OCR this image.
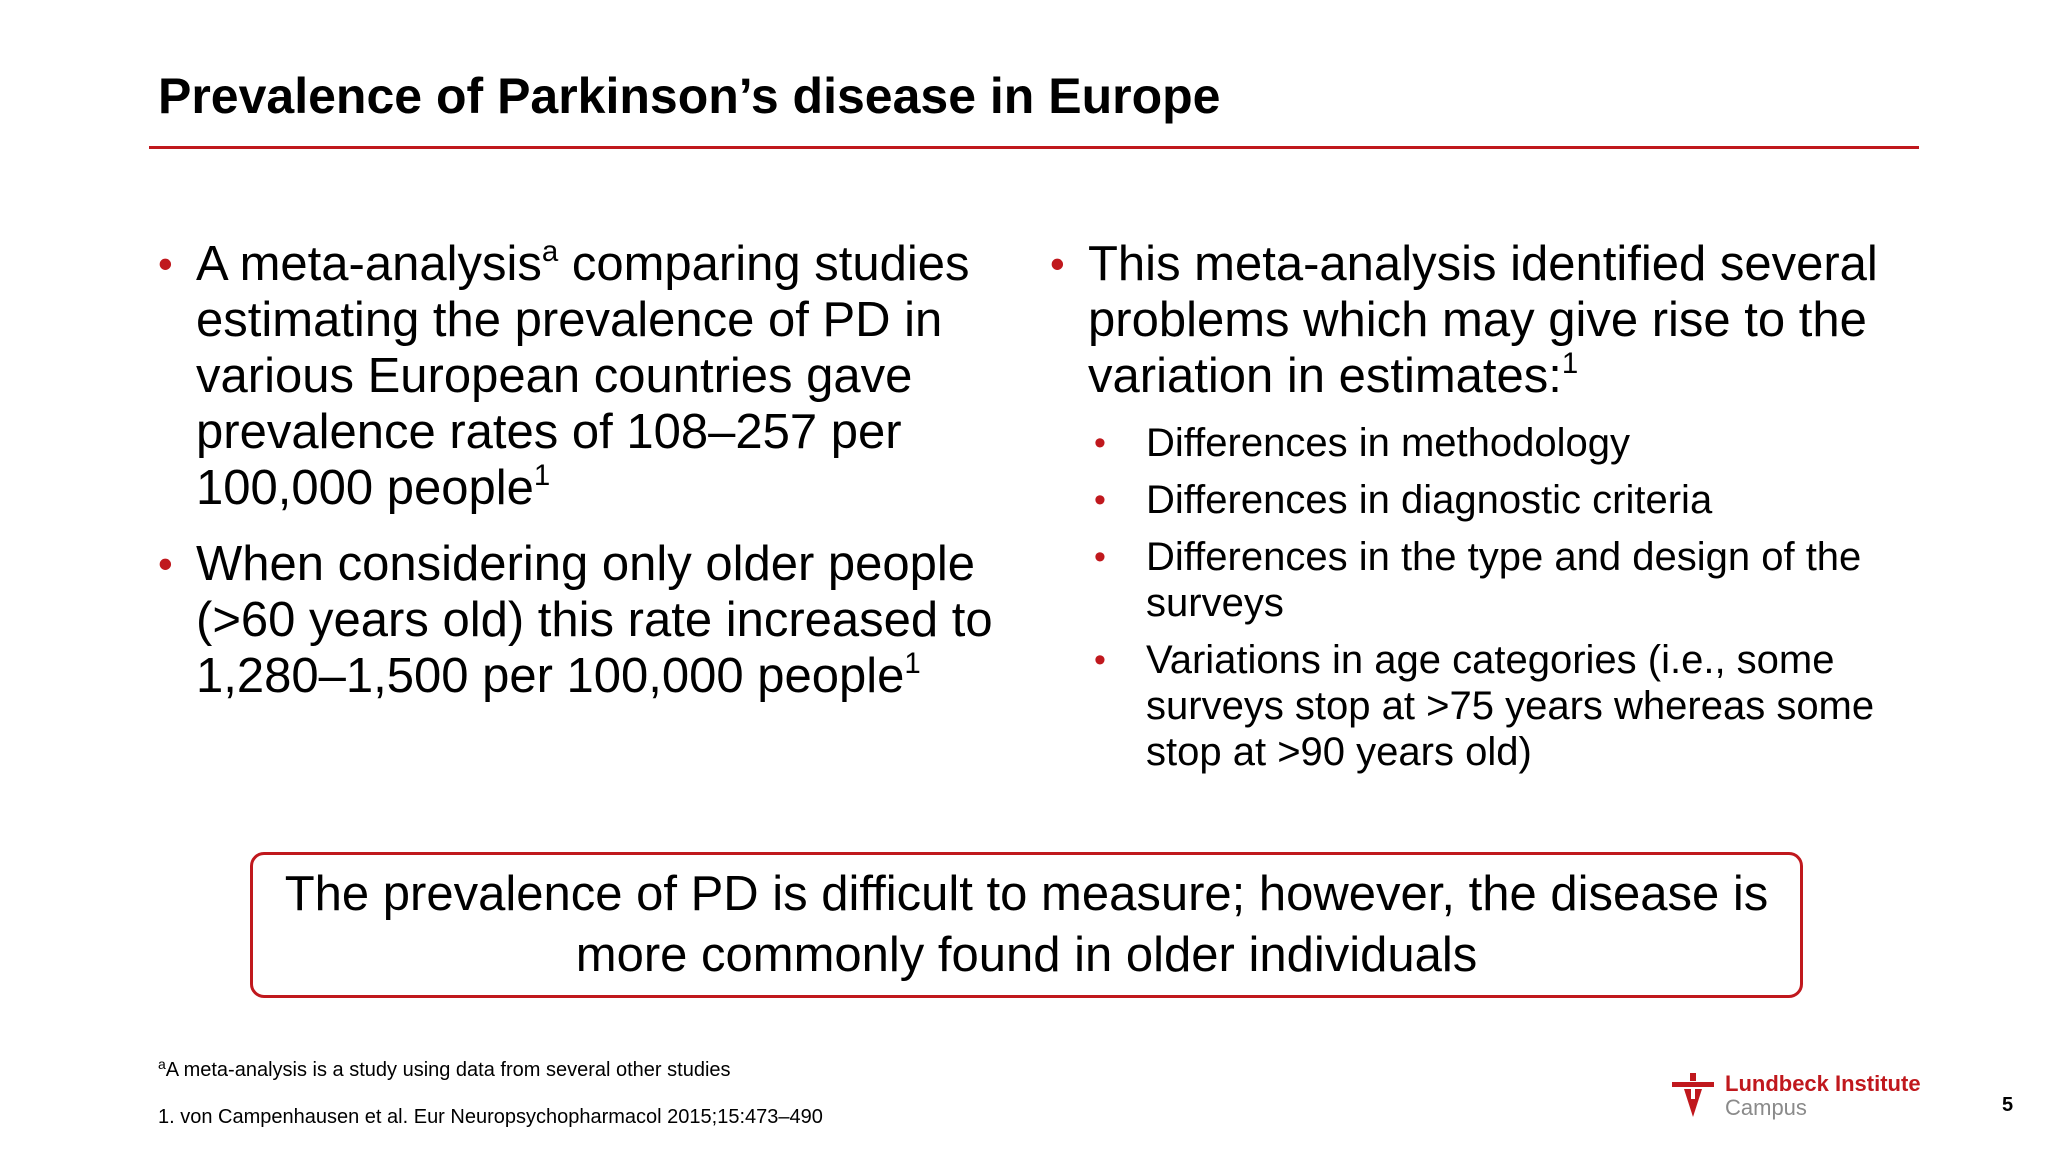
Prevalence of Parkinson’s disease in Europe
• A meta-analysis$^a$ comparing studies estimating the prevalence of PD in various European countries gave prevalence rates of 108–257 per 100,000 people$^1$
• When considering only older people (>60 years old) this rate increased to 1,280–1,500 per 100,000 people$^1$
• This meta-analysis identified several problems which may give rise to the variation in estimates:$^1$
• Differences in methodology
• Differences in diagnostic criteria
• Differences in the type and design of the surveys
• Variations in age categories (i.e., some surveys stop at >75 years whereas some stop at >90 years old)

The prevalence of PD is difficult to measure; however, the disease is more commonly found in older individuals

$^a$A meta-analysis is a study using data from several other studies
1. von Campenhausen et al. Eur Neuropsychopharmacol 2015;15:473–490
Lundbeck Institute
Campus	5
